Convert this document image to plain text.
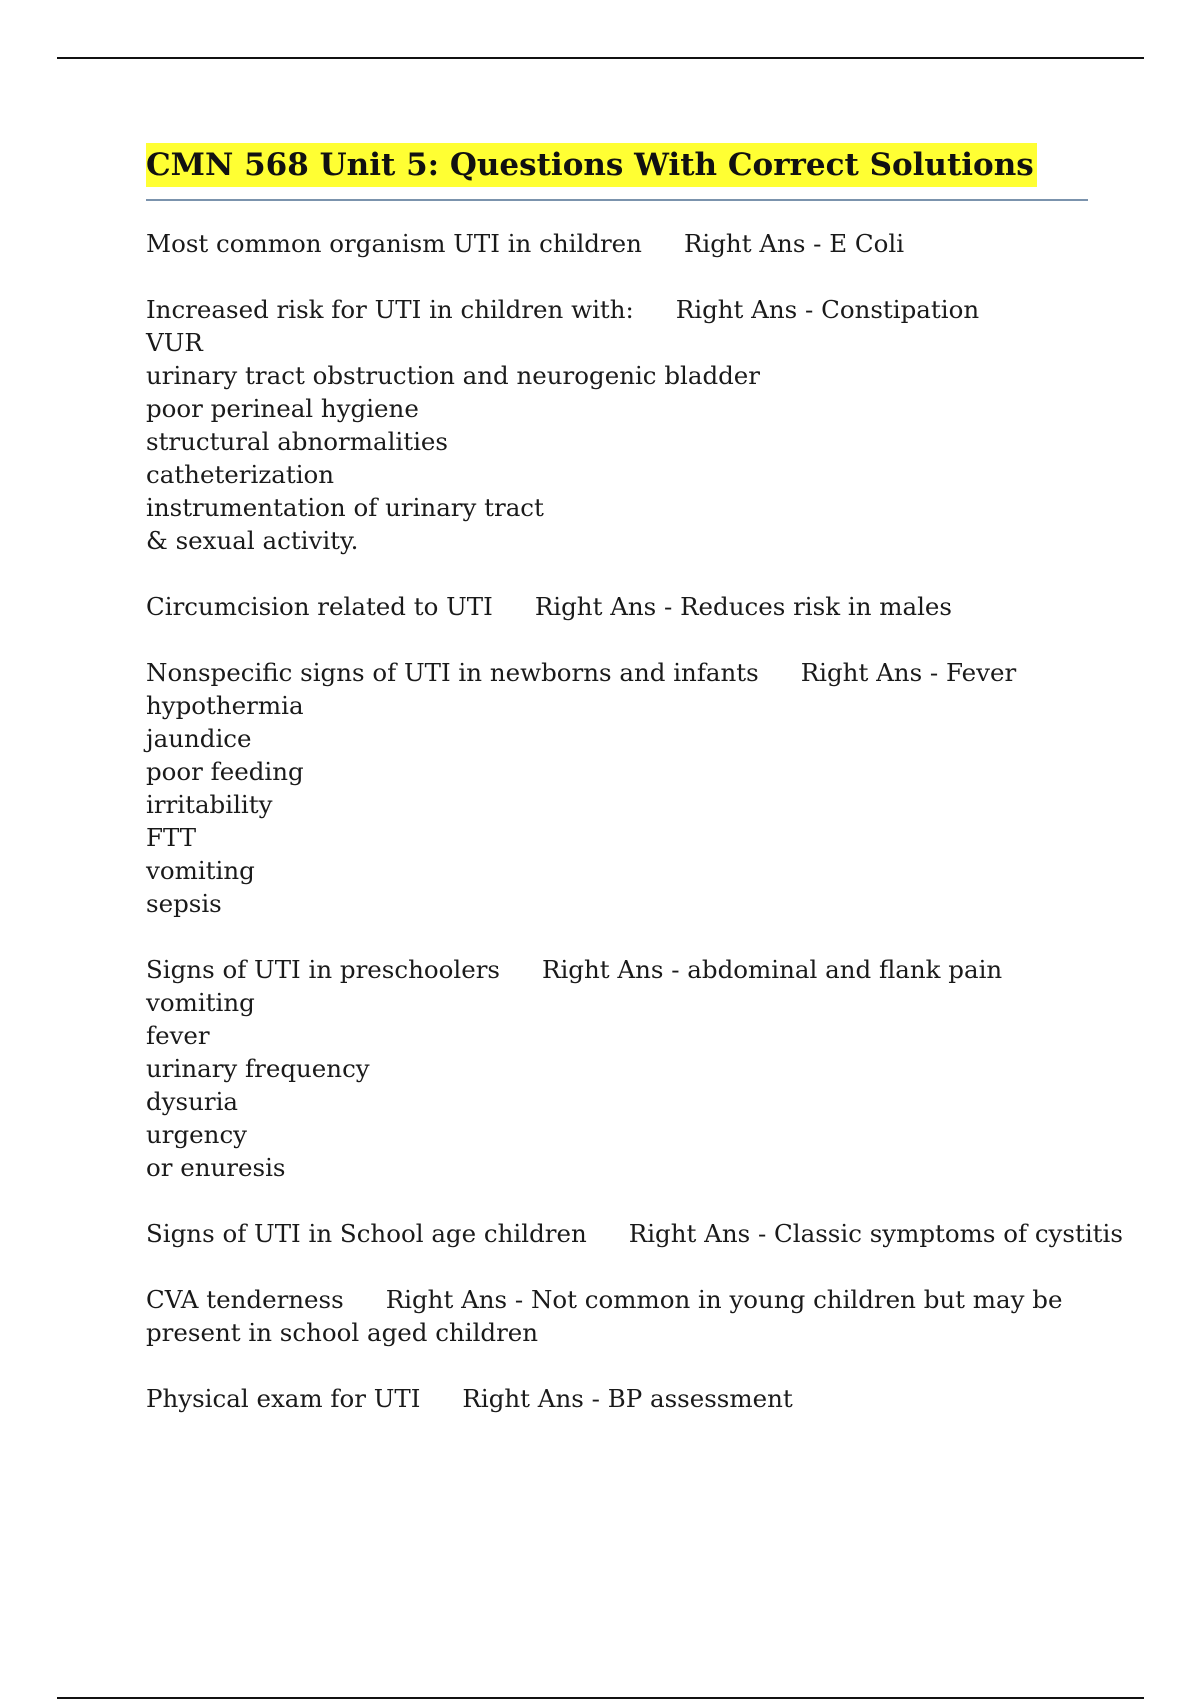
CMN 568 Unit 5: Questions With Correct Solutions
Most common organism UTI in children Right Ans - E Coli
Increased risk for UTI in children with: Right Ans - Constipation
VUR
urinary tract obstruction and neurogenic bladder
poor perineal hygiene
structural abnormalities
catheterization
instrumentation of urinary tract
& sexual activity.
Circumcision related to UTI Right Ans - Reduces risk in males
Nonspecific signs of UTI in newborns and infants Right Ans - Fever
hypothermia
jaundice
poor feeding
irritability
FTT
vomiting
sepsis
Signs of UTI in preschoolers Right Ans - abdominal and flank pain
vomiting
fever
urinary frequency
dysuria
urgency
or enuresis
Signs of UTI in School age children Right Ans - Classic symptoms of cystitis
CVA tenderness Right Ans - Not common in young children but may be
present in school aged children
Physical exam for UTI Right Ans - BP assessment
